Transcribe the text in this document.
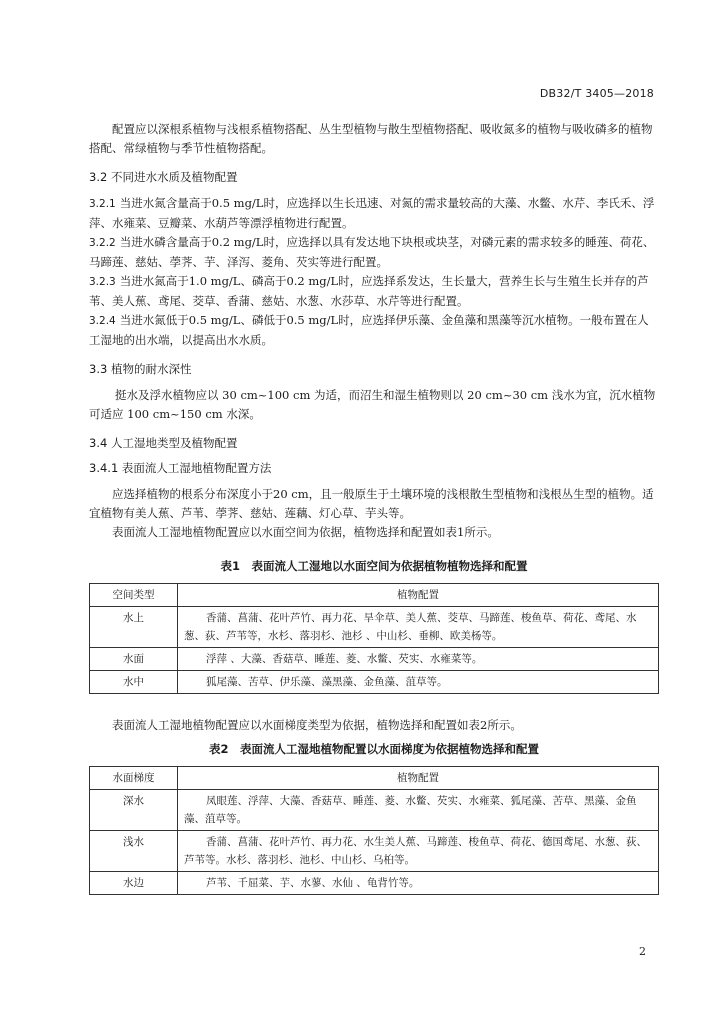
DB32/T 3405—2018

配置应以深根系植物与浅根系植物搭配、丛生型植物与散生型植物搭配、吸收氮多的植物与吸收磷多的植物搭配、常绿植物与季节性植物搭配。

3.2 不同进水水质及植物配置

3.2.1 当进水氮含量高于0.5 mg/L时，应选择以生长迅速、对氮的需求量较高的大藻、水鳖、水芹、李氏禾、浮萍、水雍菜、豆瓣菜、水葫芦等漂浮植物进行配置。

3.2.2 当进水磷含量高于0.2 mg/L时，应选择以具有发达地下块根或块茎，对磷元素的需求较多的睡莲、荷花、马蹄莲、慈姑、荸荠、芋、泽泻、菱角、芡实等进行配置。

3.2.3 当进水氮高于1.0 mg/L、磷高于0.2 mg/L时，应选择系发达，生长量大，营养生长与生殖生长并存的芦苇、美人蕉、鸢尾、茭草、香蒲、慈姑、水葱、水莎草、水芹等进行配置。

3.2.4 当进水氮低于0.5 mg/L、磷低于0.5 mg/L时，应选择伊乐藻、金鱼藻和黑藻等沉水植物。一般布置在人工湿地的出水端，以提高出水水质。

3.3 植物的耐水深性

挺水及浮水植物应以 30 cm~100 cm 为适，而沼生和湿生植物则以 20 cm~30 cm 浅水为宜，沉水植物可适应 100 cm~150 cm 水深。

3.4 人工湿地类型及植物配置
3.4.1 表面流人工湿地植物配置方法

应选择植物的根系分布深度小于20 cm，且一般原生于土壤环境的浅根散生型植物和浅根丛生型的植物。适宜植物有美人蕉、芦苇、荸荠、慈姑、莲藕、灯心草、芋头等。

表面流人工湿地植物配置应以水面空间为依据，植物选择和配置如表1所示。

表1　表面流人工湿地以水面空间为依据植物植物选择和配置
空间类型	植物配置
水上	香蒲、菖蒲、花叶芦竹、再力花、旱伞草、美人蕉、茭草、马蹄莲、梭鱼草、荷花、鸢尾、水葱、荻、芦苇等，水杉、落羽杉、池杉 、中山杉、垂柳、欧美杨等。
水面	浮萍 、大藻、香菇草、睡莲、菱、水鳖、芡实、水雍菜等。
水中	狐尾藻、苦草、伊乐藻、藻黑藻、金鱼藻、菹草等。

表面流人工湿地植物配置应以水面梯度类型为依据，植物选择和配置如表2所示。

表2　表面流人工湿地植物配置以水面梯度为依据植物选择和配置
水面梯度	植物配置
深水	凤眼莲、浮萍、大藻、香菇草、睡莲、菱、水鳖、芡实、水雍菜、狐尾藻、苦草、黑藻、金鱼藻、菹草等。
浅水	香蒲、菖蒲、花叶芦竹、再力花、水生美人蕉、马蹄莲、梭鱼草、荷花、德国鸢尾、水葱、荻、芦苇等。水杉、落羽杉、池杉、中山杉、乌桕等。
水边	芦苇、千屈菜、芋、水蓼、水仙 、龟背竹等。
2
